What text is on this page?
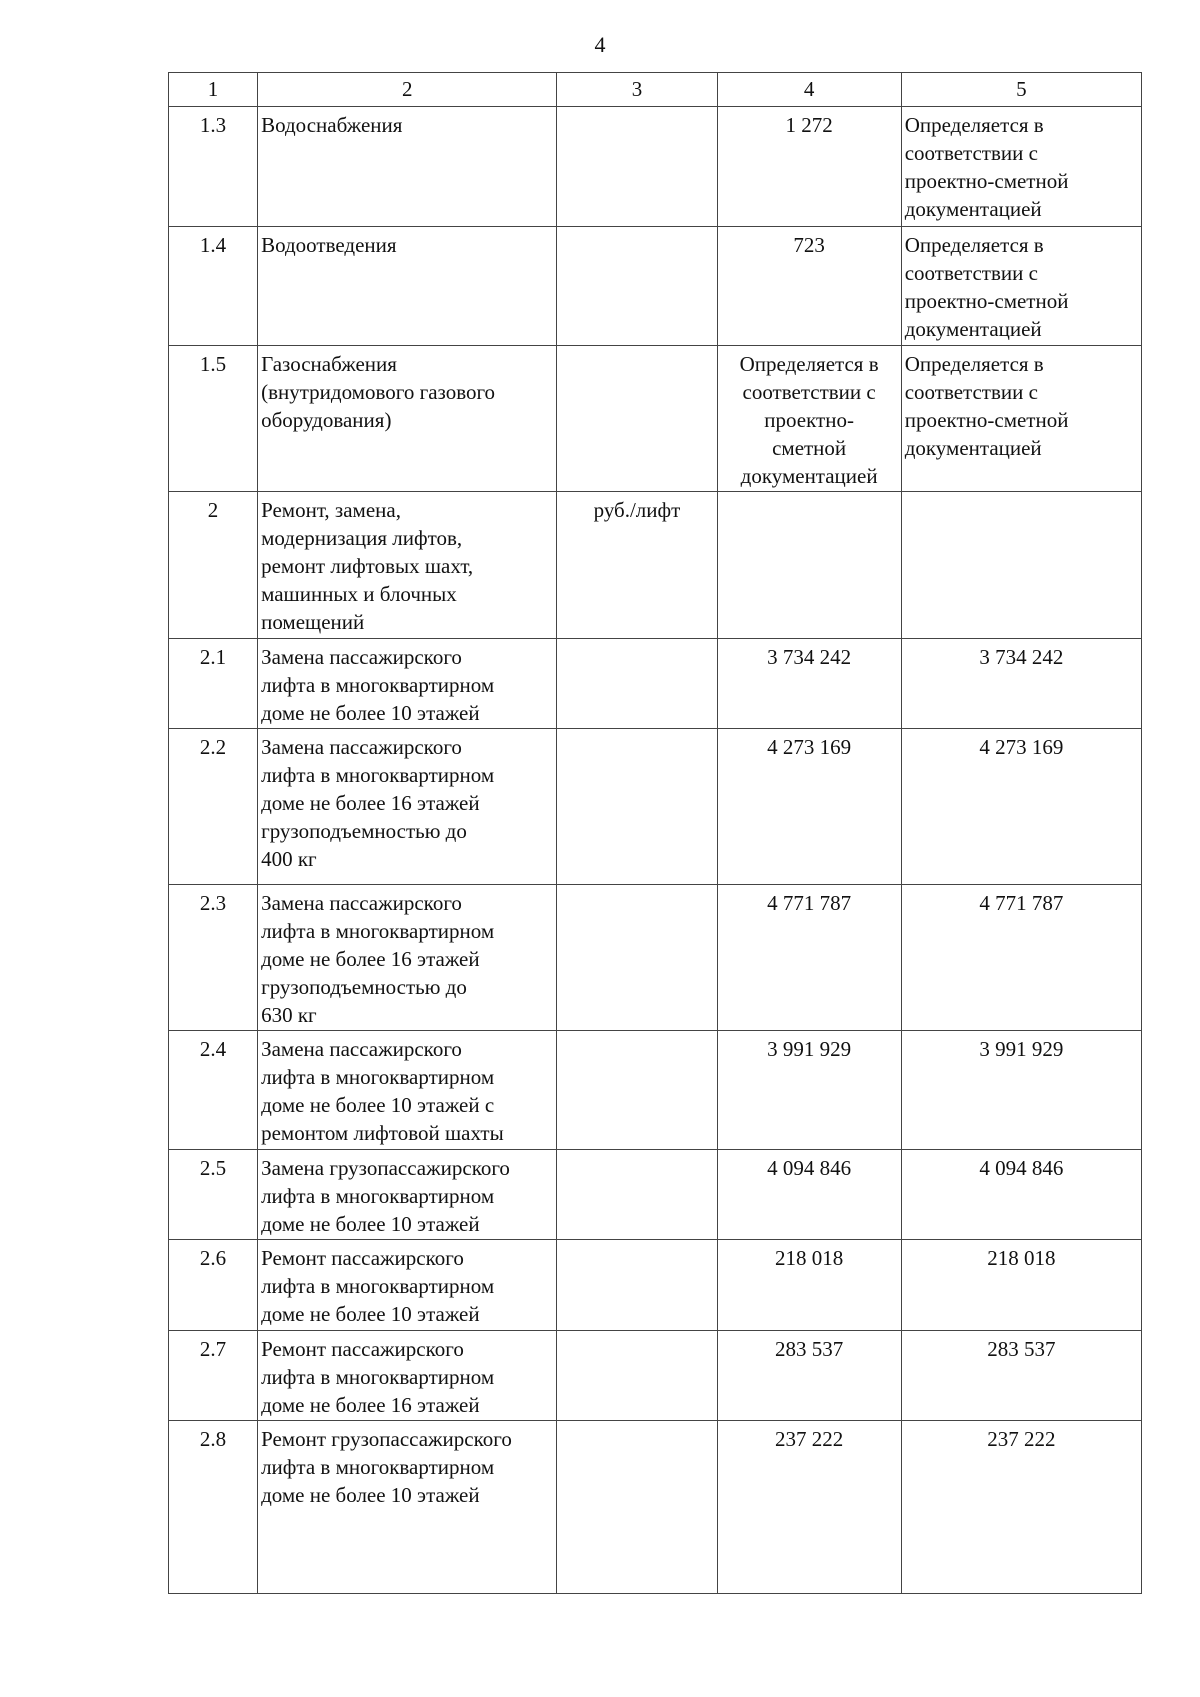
4
1	2	3	4	5

1.3	Водоснабжения		1 272	Определяется в
соответствии с
проектно-сметной
документацией

1.4	Водоотведения		723	Определяется в
соответствии с
проектно-сметной
документацией

1.5	Газоснабжения
(внутридомового газового
оборудования)		Определяется в
соответствии с
проектно-
сметной
документацией	Определяется в
соответствии с
проектно-сметной
документацией

2	Ремонт, замена,
модернизация лифтов,
ремонт лифтовых шахт,
машинных и блочных
помещений	руб./лифт		

2.1	Замена пассажирского
лифта в многоквартирном
доме не более 10 этажей		3 734 242	3 734 242

2.2	Замена пассажирского
лифта в многоквартирном
доме не более 16 этажей
грузоподъемностью до
400 кг		4 273 169	4 273 169

2.3	Замена пассажирского
лифта в многоквартирном
доме не более 16 этажей
грузоподъемностью до
630 кг		4 771 787	4 771 787

2.4	Замена пассажирского
лифта в многоквартирном
доме не более 10 этажей с
ремонтом лифтовой шахты		3 991 929	3 991 929

2.5	Замена грузопассажирского
лифта в многоквартирном
доме не более 10 этажей		4 094 846	4 094 846

2.6	Ремонт пассажирского
лифта в многоквартирном
доме не более 10 этажей		218 018	218 018

2.7	Ремонт пассажирского
лифта в многоквартирном
доме не более 16 этажей		283 537	283 537

2.8	Ремонт грузопассажирского
лифта в многоквартирном
доме не более 10 этажей		237 222	237 222
